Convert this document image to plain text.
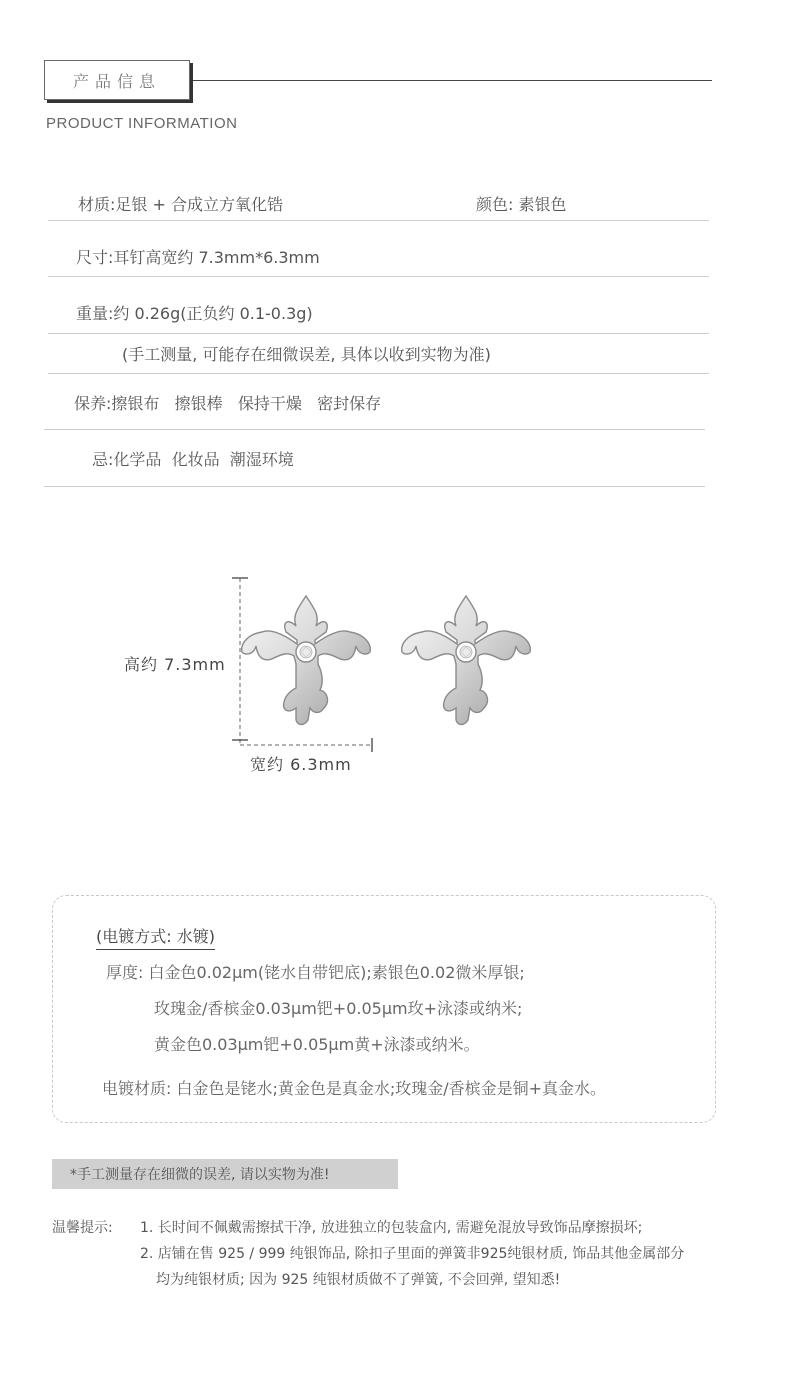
产品信息
PRODUCT INFORMATION
材质:足银 + 合成立方氧化锆	颜色: 素银色
尺寸:耳钉高宽约 7.3mm*6.3mm
重量:约 0.26g(正负约 0.1-0.3g)
(手工测量, 可能存在细微误差, 具体以收到实物为准)
保养:擦银布   擦银棒   保持干燥   密封保存
忌:化学品  化妆品  潮湿环境
高约 7.3mm
宽约 6.3mm
(电镀方式: 水镀)
厚度: 白金色0.02μm(铑水自带钯底);素银色0.02微米厚银;
玫瑰金/香槟金0.03μm钯+0.05μm玫+泳漆或纳米;
黄金色0.03μm钯+0.05μm黄+泳漆或纳米。
电镀材质: 白金色是铑水;黄金色是真金水;玫瑰金/香槟金是铜+真金水。
*手工测量存在细微的误差, 请以实物为准!
温馨提示: 1. 长时间不佩戴需擦拭干净, 放进独立的包装盒内, 需避免混放导致饰品摩擦损坏;
2. 店铺在售 925 / 999 纯银饰品, 除扣子里面的弹簧非925纯银材质, 饰品其他金属部分
均为纯银材质; 因为 925 纯银材质做不了弹簧, 不会回弹, 望知悉!
